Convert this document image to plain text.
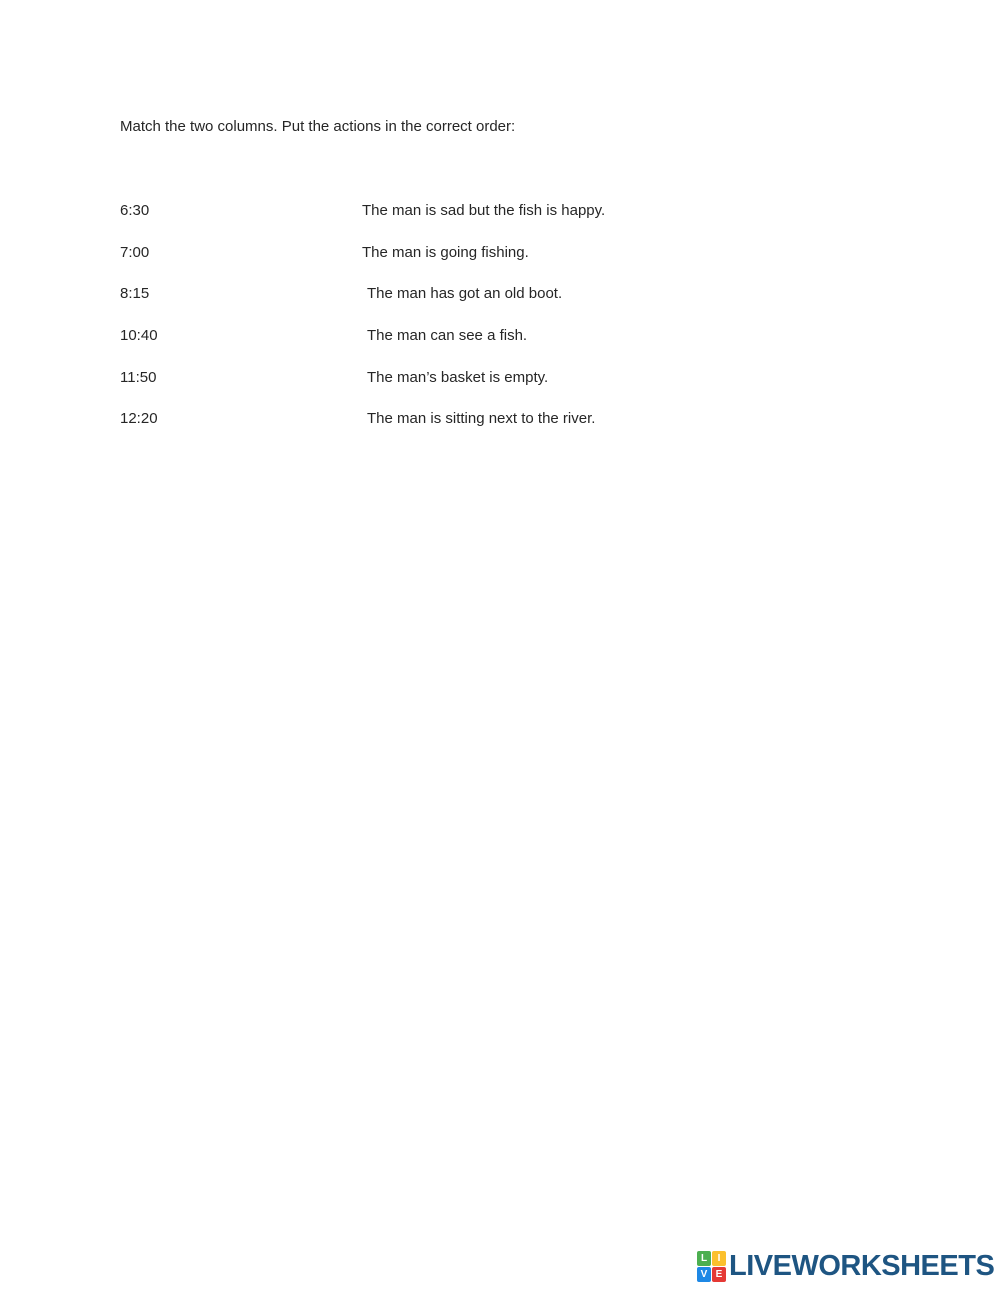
Match the two columns. Put the actions in the correct order:
6:30	The man is sad but the fish is happy.
7:00	The man is going fishing.
8:15	The man has got an old boot.
10:40	The man can see a fish.
11:50	The man’s basket is empty.
12:20	The man is sitting next to the river.
L	I
V E LIVEWORKSHEETS
